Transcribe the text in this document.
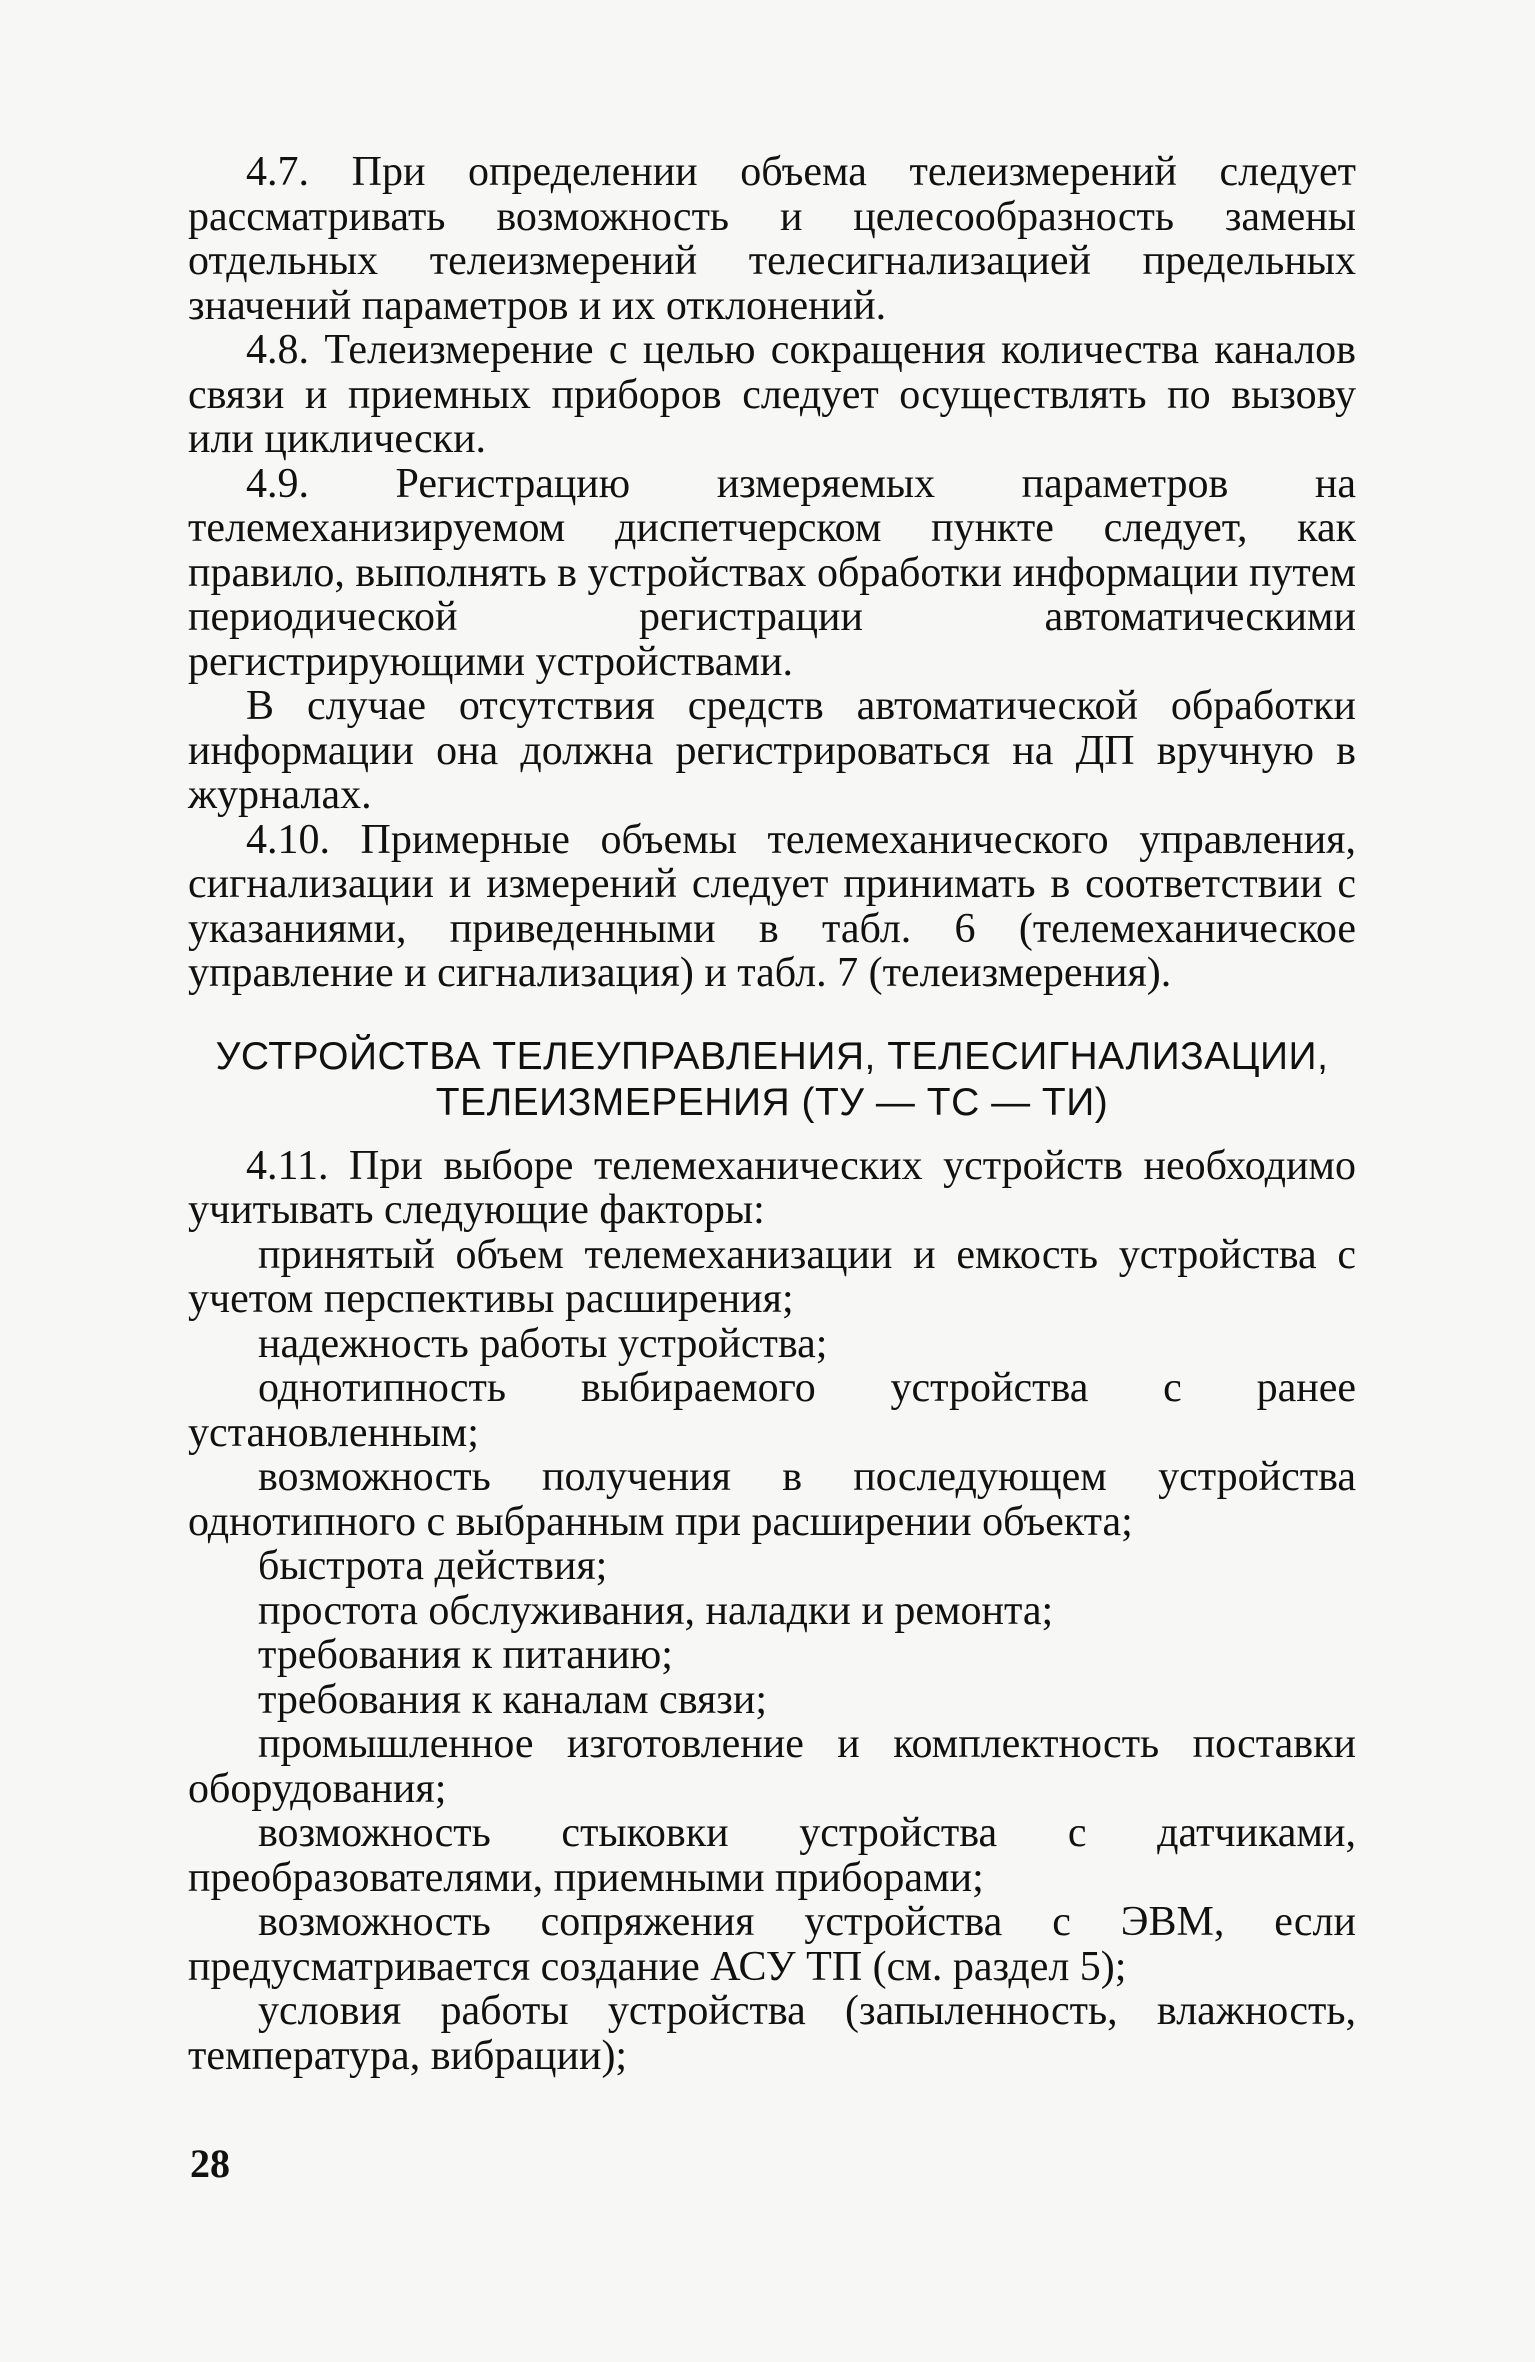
4.7. При определении объема телеизмерений следует рассматривать возможность и целесообразность замены отдельных телеизмерений телесигнализацией предельных значений параметров и их отклонений.

4.8. Телеизмерение с целью сокращения количества каналов связи и приемных приборов следует осуществлять по вызову или циклически.

4.9. Регистрацию измеряемых параметров на телемеханизируемом диспетчерском пункте следует, как правило, выполнять в устройствах обработки информации путем периодической регистрации автоматическими регистрирующими устройствами.

В случае отсутствия средств автоматической обработки информации она должна регистрироваться на ДП вручную в журналах.

4.10. Примерные объемы телемеханического управления, сигнализации и измерений следует принимать в соответствии с указаниями, приведенными в табл. 6 (телемеханическое управление и сигнализация) и табл. 7 (телеизмерения).

УСТРОЙСТВА ТЕЛЕУПРАВЛЕНИЯ, ТЕЛЕСИГНАЛИЗАЦИИ,
ТЕЛЕИЗМЕРЕНИЯ (ТУ — ТС — ТИ)

4.11. При выборе телемеханических устройств необходимо учитывать следующие факторы:

принятый объем телемеханизации и емкость устройства с учетом перспективы расширения;

надежность работы устройства;

однотипность выбираемого устройства с ранее установленным;

возможность получения в последующем устройства однотипного с выбранным при расширении объекта;

быстрота действия;

простота обслуживания, наладки и ремонта;

требования к питанию;

требования к каналам связи;

промышленное изготовление и комплектность поставки оборудования;

возможность стыковки устройства с датчиками, преобразователями, приемными приборами;

возможность сопряжения устройства с ЭВМ, если предусматривается создание АСУ ТП (см. раздел 5);

условия работы устройства (запыленность, влажность, температура, вибрации);

28
